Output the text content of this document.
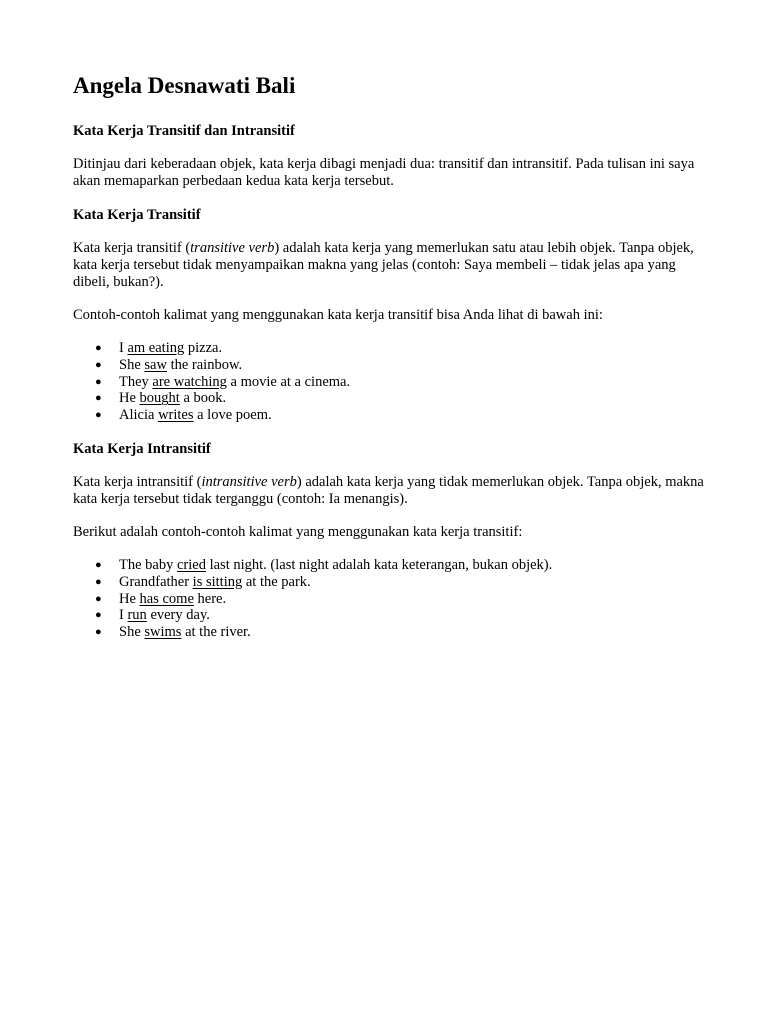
Angela Desnawati Bali
Kata Kerja Transitif dan Intransitif

Ditinjau dari keberadaan objek, kata kerja dibagi menjadi dua: transitif dan intransitif. Pada tulisan ini saya akan memaparkan perbedaan kedua kata kerja tersebut.

Kata Kerja Transitif

Kata kerja transitif (transitive verb) adalah kata kerja yang memerlukan satu atau lebih objek. Tanpa objek, kata kerja tersebut tidak menyampaikan makna yang jelas (contoh: Saya membeli – tidak jelas apa yang dibeli, bukan?).

Contoh-contoh kalimat yang menggunakan kata kerja transitif bisa Anda lihat di bawah ini:

● I am eating pizza.
● She saw the rainbow.
● They are watching a movie at a cinema.
● He bought a book.
● Alicia writes a love poem.
Kata Kerja Intransitif

Kata kerja intransitif (intransitive verb) adalah kata kerja yang tidak memerlukan objek. Tanpa objek, makna kata kerja tersebut tidak terganggu (contoh: Ia menangis).

Berikut adalah contoh-contoh kalimat yang menggunakan kata kerja transitif:

● The baby cried last night. (last night adalah kata keterangan, bukan objek).
● Grandfather is sitting at the park.
● He has come here.
● I run every day.
● She swims at the river.
